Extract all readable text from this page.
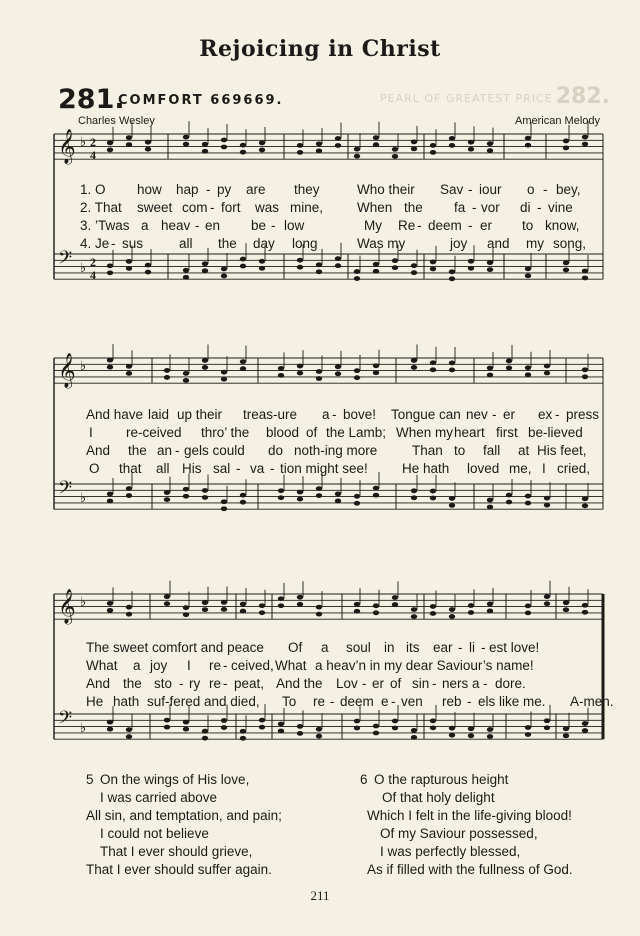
Rejoicing in Christ
PEARL OF GREATEST PRICE 282.
281.
COMFORT 669669.
Charles Wesley	American Melody
𝄞 ♭ 2
4
𝄢 ♭ 2
4
𝄞 ♭
𝄢 ♭
𝄞 ♭
𝄢 ♭
1. O how hap - py are they	Who their Sav - iour o - bey,
2. That sweet com - fort was mine,	When the fa - vor di - vine
3. ’Twas a heav - en be - low	My Re - deem - er to know,
4. Je - sus	all the day long	Was my	joy and my song,
And have laid up their treas-ure a - bove! Tongue can nev - er ex - press
I re-ceived thro’ the blood of the Lamb; When my heart first be-lieved
And the an - gels could do noth-ing more	Than to fall at His feet,
O that all His sal - va - tion might see!	He hath loved me, I cried,
The sweet comfort and peace Of a soul in its ear - li - est love!
What a joy I re - ceived, What a heav’n in my dear Saviour’s name!
And the sto - ry re - peat, And the Lov - er of sin - ners a - dore.
He hath suf-fered and died, To re - deem e - ven reb - els like me. A-men.
5 On the wings of His love,
I was carried above
All sin, and temptation, and pain;
I could not believe
That I ever should grieve,
That I ever should suffer again.
6 O the rapturous height
Of that holy delight
Which I felt in the life-giving blood!
Of my Saviour possessed,
I was perfectly blessed,
As if filled with the fullness of God.
211
